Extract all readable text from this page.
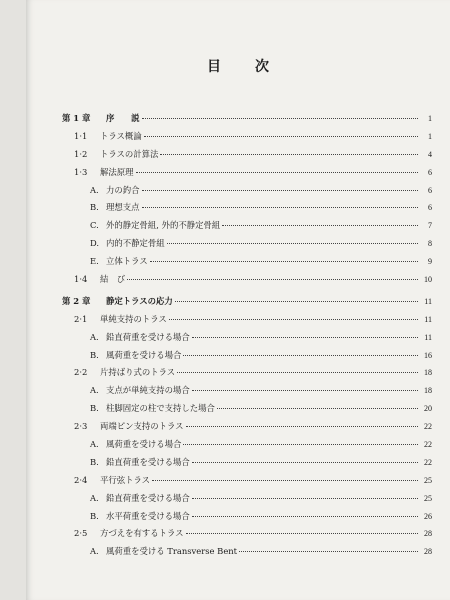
目次
第 1 章	序　　説	1
1·1	トラス概論	1
1·2	トラスの計算法	4
1·3	解法原理	6
A. 力の釣合	6
B. 理想支点	6
C. 外的静定骨組, 外的不静定骨組	7
D. 内的不静定骨組	8
E. 立体トラス	9
1·4	結　び	10
第 2 章	静定トラスの応力	11
2·1	単純支持のトラス	11
A. 鉛直荷重を受ける場合	11
B. 風荷重を受ける場合	16
2·2	片持ばり式のトラス	18
A. 支点が単純支持の場合	18
B. 柱脚固定の柱で支持した場合	20
2·3	両端ピン支持のトラス	22
A. 風荷重を受ける場合	22
B. 鉛直荷重を受ける場合	22
2·4	平行弦トラス	25
A. 鉛直荷重を受ける場合	25
B. 水平荷重を受ける場合	26
2·5	方づえを有するトラス	28
A. 風荷重を受ける Transverse Bent	28
